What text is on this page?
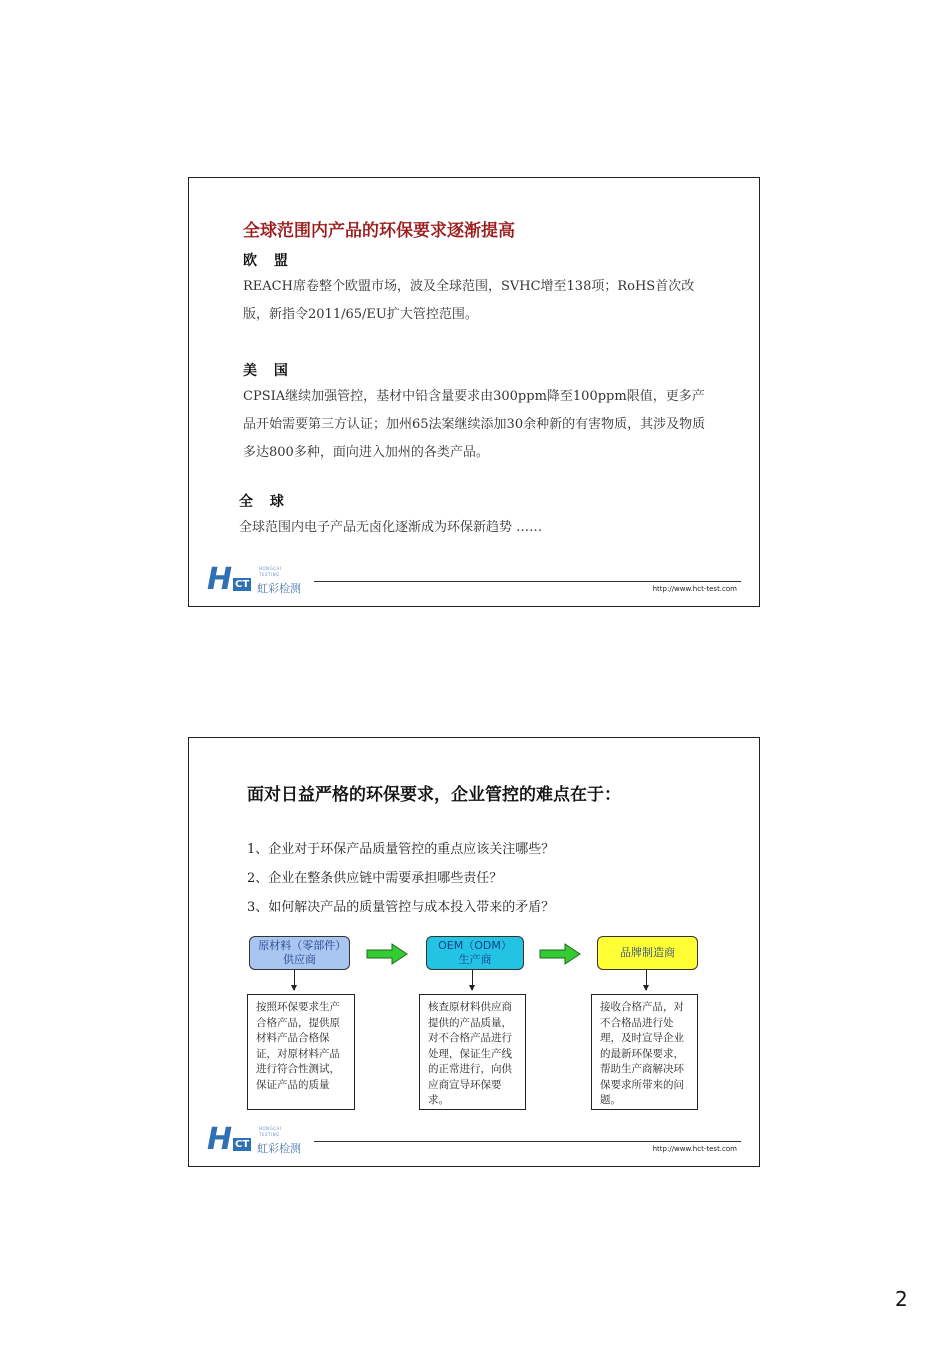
全球范围内产品的环保要求逐渐提高
欧 盟
REACH席卷整个欧盟市场，波及全球范围，SVHC增至138项；RoHS首次改版，新指令2011/65/EU扩大管控范围。
美 国
CPSIA继续加强管控，基材中铅含量要求由300ppm降至100ppm限值，更多产品开始需要第三方认证；加州65法案继续添加30余种新的有害物质，其涉及物质多达800多种，面向进入加州的各类产品。
全 球
全球范围内电子产品无卤化逐渐成为环保新趋势 ……
H CT
HONGCAI
TESTING
虹彩检测	http://www.hct-test.com
面对日益严格的环保要求，企业管控的难点在于：
1、企业对于环保产品质量管控的重点应该关注哪些？
2、企业在整条供应链中需要承担哪些责任？
3、如何解决产品的质量管控与成本投入带来的矛盾？
原材料（零部件）供应商
OEM（ODM）生产商
品牌制造商
按照环保要求生产合格产品，提供原材料产品合格保证，对原材料产品进行符合性测试，保证产品的质量
核查原材料供应商提供的产品质量，对不合格产品进行处理，保证生产线的正常进行，向供应商宣导环保要求。
接收合格产品，对不合格品进行处理，及时宣导企业的最新环保要求，帮助生产商解决环保要求所带来的问题。
H CT
HONGCAI
TESTING
虹彩检测	http://www.hct-test.com
2
